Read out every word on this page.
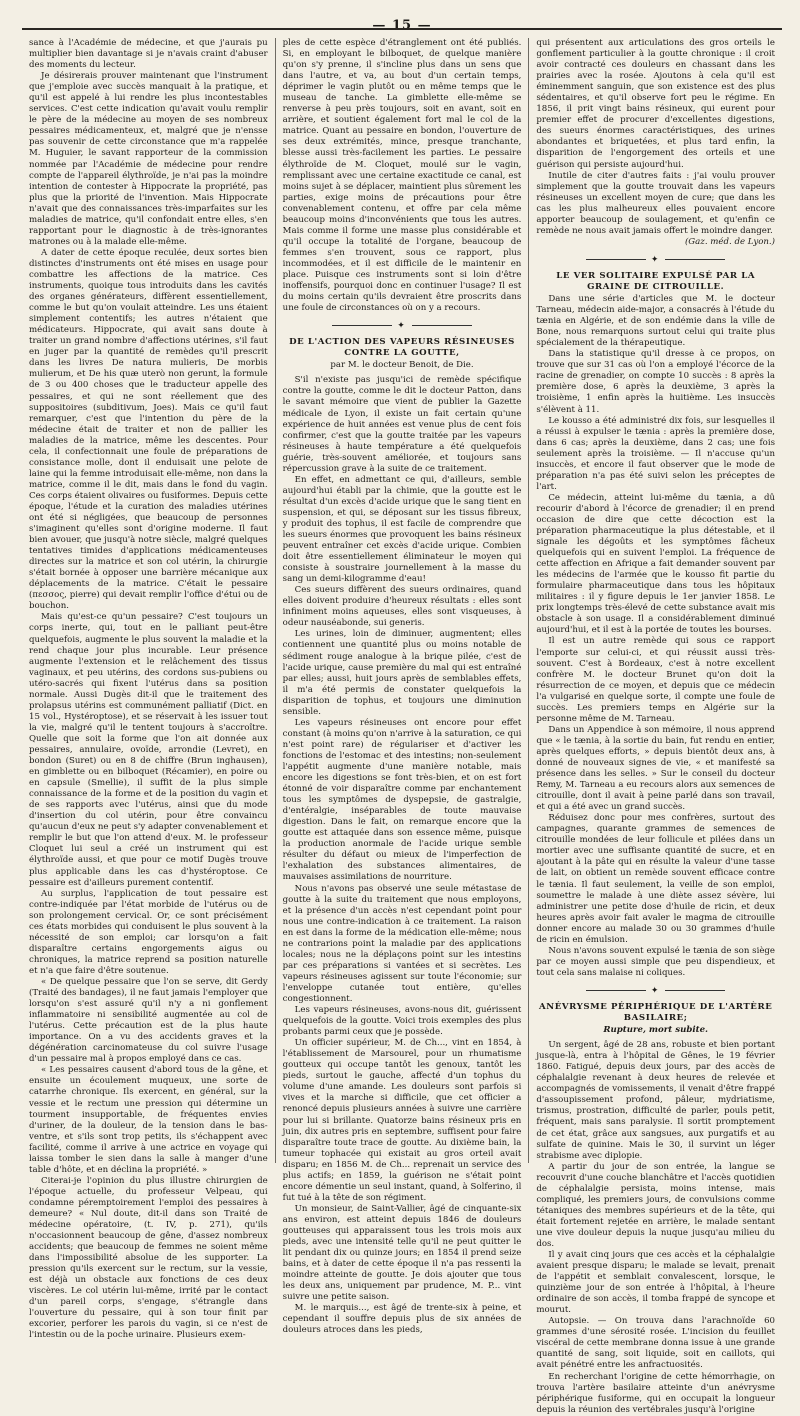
$_{— 15 —}$

sance à l'Académie de médecine, et que j'aurais pu multiplier bien davantage si je n'avais craint d'abuser des moments du lecteur.

Je désirerais prouver maintenant que l'instrument que j'emploie avec succès manquait à la pratique, et qu'il est appelé à lui rendre les plus incontestables services. C'est cette indication qu'avait voulu remplir le père de la médecine au moyen de ses nombreux pessaires médicamenteux, et, malgré que je n'ensse pas souvenir de cette circonstance que m'a rappelée M. Huguier, le savant rapporteur de la commission nommée par l'Académie de médecine pour rendre compte de l'appareil élythroïde, je n'ai pas la moindre intention de contester à Hippocrate la propriété, pas plus que la priorité de l'invention. Mais Hippocrate n'avait que des connaissances très-imparfaites sur les maladies de matrice, qu'il confondait entre elles, s'en rapportant pour le diagnostic à de très-ignorantes matrones ou à la malade elle-même.

A dater de cette époque reculée, deux sortes bien distinctes d'instruments ont été mises en usage pour combattre les affections de la matrice. Ces instruments, quoique tous introduits dans les cavités des organes générateurs, diffèrent essentiellement, comme le but qu'on voulait atteindre. Les uns étaient simplement contentifs; les autres n'étaient que médicateurs. Hippocrate, qui avait sans doute à traiter un grand nombre d'affections utérines, s'il faut en juger par la quantité de remèdes qu'il prescrit dans les livres De natura mulieris, De morbis mulierum, et De his quæ uterò non gerunt, la formule de 3 ou 400 choses que le traducteur appelle des pessaires, et qui ne sont réellement que des suppositoires (subditivum, Joes). Mais ce qu'il faut remarquer, c'est que l'intention du père de la médecine était de traiter et non de pallier les maladies de la matrice, même les descentes. Pour cela, il confectionnait une foule de préparations de consistance molle, dont il enduisait une pelote de laine qui la femme introduisait elle-même, non dans la matrice, comme il le dit, mais dans le fond du vagin. Ces corps étaient olivaires ou fusiformes. Depuis cette époque, l'étude et la curation des maladies utérines ont été si négligées, que beaucoup de personnes s'imaginent qu'elles sont d'origine moderne. Il faut bien avouer, que jusqu'à notre siècle, malgré quelques tentatives timides d'applications médicamenteuses directes sur la matrice et son col utérin, la chirurgie s'était bornée à opposer une barrière mécanique aux déplacements de la matrice. C'était le pessaire (πεσσος, pierre) qui devait remplir l'office d'étui ou de bouchon.

Mais qu'est-ce qu'un pessaire? C'est toujours un corps inerte, qui, tout en le palliant peut-être quelquefois, augmente le plus souvent la maladie et la rend chaque jour plus incurable. Leur présence augmente l'extension et le relâchement des tissus vaginaux, et peu utérins, des cordons sus-pubiens ou utéro-sacrés qui fixent l'utérus dans sa position normale. Aussi Dugès dit-il que le traitement des prolapsus utérins est communément palliatif (Dict. en 15 vol., Hystéroptose), et se réservait à les issuer tout la vie, malgré qu'il le tentent toujours à s'accroître. Quelle que soit la forme que l'on ait donnée aux pessaires, annulaire, ovoïde, arrondie (Levret), en bondon (Suret) ou en 8 de chiffre (Brun inghausen), en gimblette ou en bilboquet (Récamier), en poire ou en capsule (Smellie), il suffit de la plus simple connaissance de la forme et de la position du vagin et de ses rapports avec l'utérus, ainsi que du mode d'insertion du col utérin, pour être convaincu qu'aucun d'eux ne peut s'y adapter convenablement et remplir le but que l'on attend d'eux. M. le professeur Cloquet lui seul a créé un instrument qui est élythroïde aussi, et que pour ce motif Dugès trouve plus applicable dans les cas d'hystéroptose. Ce pessaire est d'ailleurs purement contentif.

Au surplus, l'application de tout pessaire est contre-indiquée par l'état morbide de l'utérus ou de son prolongement cervical. Or, ce sont précisément ces états morbides qui conduisent le plus souvent à la nécessité de son emploi; car lorsqu'on a fait disparaître certains engorgements aigus ou chroniques, la matrice reprend sa position naturelle et n'a que faire d'être soutenue.

« De quelque pessaire que l'on se serve, dit Gerdy (Traité des bandages), il ne faut jamais l'employer que lorsqu'on s'est assuré qu'il n'y a ni gonflement inflammatoire ni sensibilité augmentée au col de l'utérus. Cette précaution est de la plus haute importance. On a vu des accidents graves et la dégénération carcinomateuse du col suivre l'usage d'un pessaire mal à propos employé dans ce cas.

« Les pessaires causent d'abord tous de la gêne, et ensuite un écoulement muqueux, une sorte de catarrhe chronique. Ils exercent, en général, sur la vessie et le rectum une pression qui détermine un tourment insupportable, de fréquentes envies d'uriner, de la douleur, de la tension dans le bas-ventre, et s'ils sont trop petits, ils s'échappent avec facilité, comme il arrive à une actrice en voyage qui laissa tomber le sien dans la salle à manger d'une table d'hôte, et en déclina la propriété. »

Citerai-je l'opinion du plus illustre chirurgien de l'époque actuelle, du professeur Velpeau, qui condamne péremptoirement l'emploi des pessaires à demeure? « Nul doute, dit-il dans son Traité de médecine opératoire, (t. IV, p. 271), qu'ils n'occasionnent beaucoup de gêne, d'assez nombreux accidents; que beaucoup de femmes ne soient même dans l'impossibilité absolue de les supporter. La pression qu'ils exercent sur le rectum, sur la vessie, est déjà un obstacle aux fonctions de ces deux viscères. Le col utérin lui-même, irrité par le contact d'un pareil corps, s'engage, s'étrangle dans l'ouverture du pessaire, qui à son tour finit par excorier, perforer les parois du vagin, si ce n'est de l'intestin ou de la poche urinaire. Plusieurs exem-

ples de cette espèce d'étranglement ont été publiés. Si, en employant le bilboquet, de quelque manière qu'on s'y prenne, il s'incline plus dans un sens que dans l'autre, et va, au bout d'un certain temps, déprimer le vagin plutôt ou en même temps que le museau de tanche. La gimblette elle-même se renverse à peu près toujours, soit en avant, soit en arrière, et soutient également fort mal le col de la matrice. Quant au pessaire en bondon, l'ouverture de ses deux extrémités, mince, presque tranchante, blesse aussi très-facilement les parties. Le pessaire élythroïde de M. Cloquet, moulé sur le vagin, remplissant avec une certaine exactitude ce canal, est moins sujet à se déplacer, maintient plus sûrement les parties, exige moins de précautions pour être convenablement contenu, et offre par cela même beaucoup moins d'inconvénients que tous les autres. Mais comme il forme une masse plus considérable et qu'il occupe la totalité de l'organe, beaucoup de femmes s'en trouvent, sous ce rapport, plus incommodées, et il est difficile de le maintenir en place. Puisque ces instruments sont si loin d'être inoffensifs, pourquoi donc en continuer l'usage? Il est du moins certain qu'ils devraient être proscrits dans une foule de circonstances où on y a recours.

✦
DE L'ACTION DES VAPEURS RÉSINEUSES CONTRE LA GOUTTE,
par M. le docteur Benoit, de Die.

S'il n'existe pas jusqu'ici de remède spécifique contre la goutte, comme le dit le docteur Patton, dans le savant mémoire que vient de publier la Gazette médicale de Lyon, il existe un fait certain qu'une expérience de huit années est venue plus de cent fois confirmer, c'est que la goutte traitée par les vapeurs résineuses à haute température a été quelquefois guérie, très-souvent améliorée, et toujours sans répercussion grave à la suite de ce traitement.

En effet, en admettant ce qui, d'ailleurs, semble aujourd'hui établi par la chimie, que la goutte est le résultat d'un excès d'acide urique que le sang tient en suspension, et qui, se déposant sur les tissus fibreux, y produit des tophus, il est facile de comprendre que les sueurs énormes que provoquent les bains résineux peuvent entraîner cet excès d'acide urique. Combien doit être essentiellement éliminateur le moyen qui consiste à soustraire journellement à la masse du sang un demi-kilogramme d'eau!

Ces sueurs diffèrent des sueurs ordinaires, quand elles doivent produire d'heureux résultats : elles sont infiniment moins aqueuses, elles sont visqueuses, à odeur nauséabonde, sui generis.

Les urines, loin de diminuer, augmentent; elles contiennent une quantité plus ou moins notable de sédiment rouge analogue à la brique pilée, c'est de l'acide urique, cause première du mal qui est entraîné par elles; aussi, huit jours après de semblables effets, il m'a été permis de constater quelquefois la disparition de tophus, et toujours une diminution sensible.

Les vapeurs résineuses ont encore pour effet constant (à moins qu'on n'arrive à la saturation, ce qui n'est point rare) de régulariser et d'activer les fonctions de l'estomac et des intestins; non-seulement l'appétit augmente d'une manière notable, mais encore les digestions se font très-bien, et on est fort étonné de voir disparaître comme par enchantement tous les symptômes de dyspepsie, de gastralgie, d'entéralgie, inséparables de toute mauvaise digestion. Dans le fait, on remarque encore que la goutte est attaquée dans son essence même, puisque la production anormale de l'acide urique semble résulter du défaut ou mieux de l'imperfection de l'exhalation des substances alimentaires, de mauvaises assimilations de nourriture.

Nous n'avons pas observé une seule métastase de goutte à la suite du traitement que nous employons, et la présence d'un accès n'est cependant point pour nous une contre-indication à ce traitement. La raison en est dans la forme de la médication elle-même; nous ne contrarions point la maladie par des applications locales; nous ne la déplaçons point sur les intestins par ces préparations si vantées et si secrètes. Les vapeurs résineuses agissent sur toute l'économie; sur l'enveloppe cutanée tout entière, qu'elles congestionnent.

Les vapeurs résineuses, avons-nous dit, guérissent quelquefois de la goutte. Voici trois exemples des plus probants parmi ceux que je possède.

Un officier supérieur, M. de Ch..., vint en 1854, à l'établissement de Marsourel, pour un rhumatisme goutteux qui occupe tantôt les genoux, tantôt les pieds, surtout le gauche, affecté d'un tophus du volume d'une amande. Les douleurs sont parfois si vives et la marche si difficile, que cet officier a renoncé depuis plusieurs années à suivre une carrière pour lui si brillante. Quatorze bains résineux pris en juin, dix autres pris en septembre, suffisent pour faire disparaître toute trace de goutte. Au dixième bain, la tumeur tophacée qui existait au gros orteil avait disparu; en 1856 M. de Ch... reprenait un service des plus actifs; en 1859, la guérison ne s'était point encore démentie un seul instant, quand, à Solferino, il fut tué à la tête de son régiment.

Un monsieur, de Saint-Vallier, âgé de cinquante-six ans environ, est atteint depuis 1846 de douleurs goutteuses qui apparaissent tous les trois mois aux pieds, avec une intensité telle qu'il ne peut quitter le lit pendant dix ou quinze jours; en 1854 il prend seize bains, et à dater de cette époque il n'a pas ressenti la moindre atteinte de goutte. Je dois ajouter que tous les deux ans, uniquement par prudence, M. P... vint suivre une petite saison.

M. le marquis..., est âgé de trente-six à peine, et cependant il souffre depuis plus de six années de douleurs atroces dans les pieds,

qui présentent aux articulations des gros orteils le gonflement particulier à la goutte chronique : il croit avoir contracté ces douleurs en chassant dans les prairies avec la rosée. Ajoutons à cela qu'il est éminemment sanguin, que son existence est des plus sédentaires, et qu'il observe fort peu le régime. En 1856, il prit vingt bains résineux, qui eurent pour premier effet de procurer d'excellentes digestions, des sueurs énormes caractéristiques, des urines abondantes et briquetées, et plus tard enfin, la disparition de l'engorgement des orteils et une guérison qui persiste aujourd'hui.

Inutile de citer d'autres faits : j'ai voulu prouver simplement que la goutte trouvait dans les vapeurs résineuses un excellent moyen de cure; que dans les cas les plus malheureux elles pouvaient encore apporter beaucoup de soulagement, et qu'enfin ce remède ne nous avait jamais offert le moindre danger.

(Gaz. méd. de Lyon.)

✦
LE VER SOLITAIRE EXPULSÉ PAR LA GRAINE DE CITROUILLE.

Dans une série d'articles que M. le docteur Tarneau, médecin aide-major, a consacrés à l'étude du tænia en Algérie, et de son endémie dans la ville de Bone, nous remarquons surtout celui qui traite plus spécialement de la thérapeutique.

Dans la statistique qu'il dresse à ce propos, on trouve que sur 31 cas où l'on a employé l'écorce de la racine de grenadier, on compte 10 succès : 8 après la première dose, 6 après la deuxième, 3 après la troisième, 1 enfin après la huitième. Les insuccès s'élèvent à 11.

Le kousso a été administré dix fois, sur lesquelles il a réussi à expulser le tænia : après la première dose, dans 6 cas; après la deuxième, dans 2 cas; une fois seulement après la troisième. — Il n'accuse qu'un insuccès, et encore il faut observer que le mode de préparation n'a pas été suivi selon les préceptes de l'art.

Ce médecin, atteint lui-même du tænia, a dû recourir d'abord à l'écorce de grenadier; il en prend occasion de dire que cette décoction est la préparation pharmaceutique la plus détestable, et il signale les dégoûts et les symptômes fâcheux quelquefois qui en suivent l'emploi. La fréquence de cette affection en Afrique a fait demander souvent par les médecins de l'armée que le kousso fit partie du formulaire pharmaceutique dans tous les hôpitaux militaires : il y figure depuis le 1er janvier 1858. Le prix longtemps très-élevé de cette substance avait mis obstacle à son usage. Il a considérablement diminué aujourd'hui, et il est à la portée de toutes les bourses.

Il est un autre remède qui sous ce rapport l'emporte sur celui-ci, et qui réussit aussi très-souvent. C'est à Bordeaux, c'est à notre excellent confrère M. le docteur Brunet qu'on doit la résurrection de ce moyen, et depuis que ce médecin l'a vulgarisé en quelque sorte, il compte une foule de succès. Les premiers temps en Algérie sur la personne même de M. Tarneau.

Dans un Appendice à son mémoire, il nous apprend que « le tænia, à la sortie du bain, fut rendu en entier, après quelques efforts, » depuis bientôt deux ans, à donné de nouveaux signes de vie, « et manifesté sa présence dans les selles. » Sur le conseil du docteur Remy, M. Tarneau a eu recours alors aux semences de citrouille, dont il avait à peine parlé dans son travail, et qui a été avec un grand succès.

Réduisez donc pour mes confrères, surtout des campagnes, quarante grammes de semences de citrouille mondées de leur follicule et pilées dans un mortier avec une suffisante quantité de sucre, et en ajoutant à la pâte qui en résulte la valeur d'une tasse de lait, on obtient un remède souvent efficace contre le tænia. Il faut seulement, la veille de son emploi, soumettre le malade à une diète assez sévère, lui administrer une petite dose d'huile de ricin, et deux heures après avoir fait avaler le magma de citrouille donner encore au malade 30 ou 30 grammes d'huile de ricin en émulsion.

Nous n'avons souvent expulsé le tænia de son siège par ce moyen aussi simple que peu dispendieux, et tout cela sans malaise ni coliques.

✦
ANÉVRYSME PÉRIPHÉRIQUE DE L'ARTÈRE BASILAIRE;
Rupture, mort subite.

Un sergent, âgé de 28 ans, robuste et bien portant jusque-là, entra à l'hôpital de Gênes, le 19 février 1860. Fatigué, depuis deux jours, par des accès de céphalalgie revenant à deux heures de relevée et accompagnés de vomissements, il venait d'être frappé d'assoupissement profond, pâleur, mydriatisme, trismus, prostration, difficulté de parler, pouls petit, fréquent, mais sans paralysie. Il sortit promptement de cet état, grâce aux sangsues, aux purgatifs et au sulfate de quinine. Mais le 30, il survint un léger strabisme avec diplopie.

A partir du jour de son entrée, la langue se recouvrit d'une couche blanchâtre et l'accès quotidien de céphalalgie persista, moins intense, mais compliqué, les premiers jours, de convulsions comme tétaniques des membres supérieurs et de la tête, qui était fortement rejetée en arrière, le malade sentant une vive douleur depuis la nuque jusqu'au milieu du dos.

Il y avait cinq jours que ces accès et la céphalalgie avaient presque disparu; le malade se levait, prenait de l'appétit et semblait convalescent, lorsque, le quinzième jour de son entrée à l'hôpital, à l'heure ordinaire de son accès, il tomba frappé de syncope et mourut.

Autopsie. — On trouva dans l'arachnoïde 60 grammes d'une sérosité rosée. L'incision du feuillet viscéral de cette membrane donna issue à une grande quantité de sang, soit liquide, soit en caillots, qui avait pénétré entre les anfractuosités.

En recherchant l'origine de cette hémorrhagie, on trouva l'artère basilaire atteinte d'un anévrysme périphérique fusiforme, qui en occupait la longueur depuis la réunion des vertébrales jusqu'à l'origine
